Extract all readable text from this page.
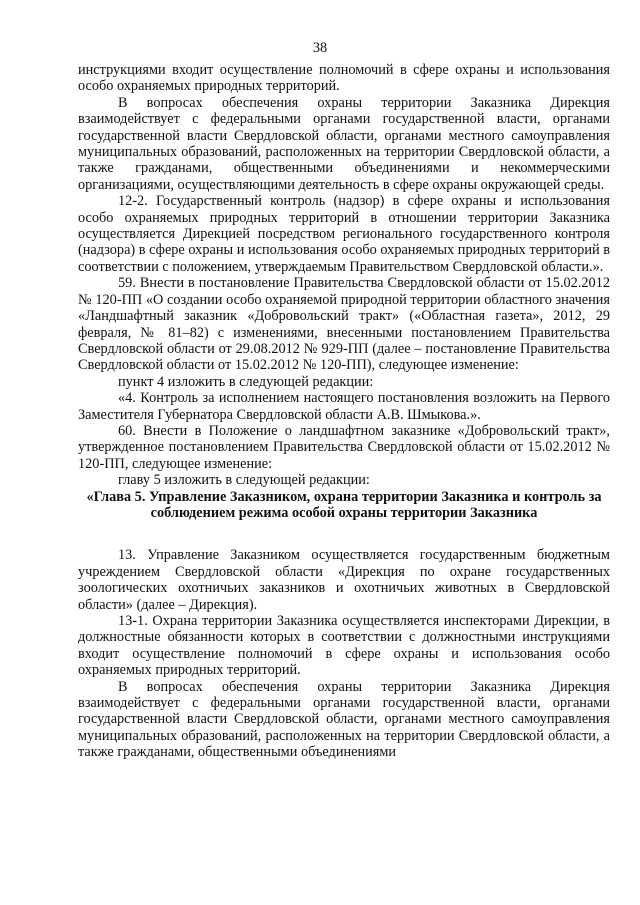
38

инструкциями входит осуществление полномочий в сфере охраны и использования особо охраняемых природных территорий.

В вопросах обеспечения охраны территории Заказника Дирекция взаимодействует с федеральными органами государственной власти, органами государственной власти Свердловской области, органами местного самоуправления муниципальных образований, расположенных на территории Свердловской области, а также гражданами, общественными объединениями и некоммерческими организациями, осуществляющими деятельность в сфере охраны окружающей среды.

12-2. Государственный контроль (надзор) в сфере охраны и использования особо охраняемых природных территорий в отношении территории Заказника осуществляется Дирекцией посредством регионального государственного контроля (надзора) в сфере охраны и использования особо охраняемых природных территорий в соответствии с положением, утверждаемым Правительством Свердловской области.».

59. Внести в постановление Правительства Свердловской области от 15.02.2012 № 120-ПП «О создании особо охраняемой природной территории областного значения «Ландшафтный заказник «Добровольский тракт» («Областная газета», 2012, 29 февраля, № 81–82) с изменениями, внесенными постановлением Правительства Свердловской области от 29.08.2012 № 929-ПП (далее – постановление Правительства Свердловской области от 15.02.2012 № 120-ПП), следующее изменение:

пункт 4 изложить в следующей редакции:

«4. Контроль за исполнением настоящего постановления возложить на Первого Заместителя Губернатора Свердловской области А.В. Шмыкова.».

60. Внести в Положение о ландшафтном заказнике «Добровольский тракт», утвержденное постановлением Правительства Свердловской области от 15.02.2012 № 120-ПП, следующее изменение:

главу 5 изложить в следующей редакции:

«Глава 5. Управление Заказником, охрана территории Заказника и контроль за соблюдением режима особой охраны территории Заказника

13. Управление Заказником осуществляется государственным бюджетным учреждением Свердловской области «Дирекция по охране государственных зоологических охотничьих заказников и охотничьих животных в Свердловской области» (далее – Дирекция).

13-1. Охрана территории Заказника осуществляется инспекторами Дирекции, в должностные обязанности которых в соответствии с должностными инструкциями входит осуществление полномочий в сфере охраны и использования особо охраняемых природных территорий.

В вопросах обеспечения охраны территории Заказника Дирекция взаимодействует с федеральными органами государственной власти, органами государственной власти Свердловской области, органами местного самоуправления муниципальных образований, расположенных на территории Свердловской области, а также гражданами, общественными объединениями
